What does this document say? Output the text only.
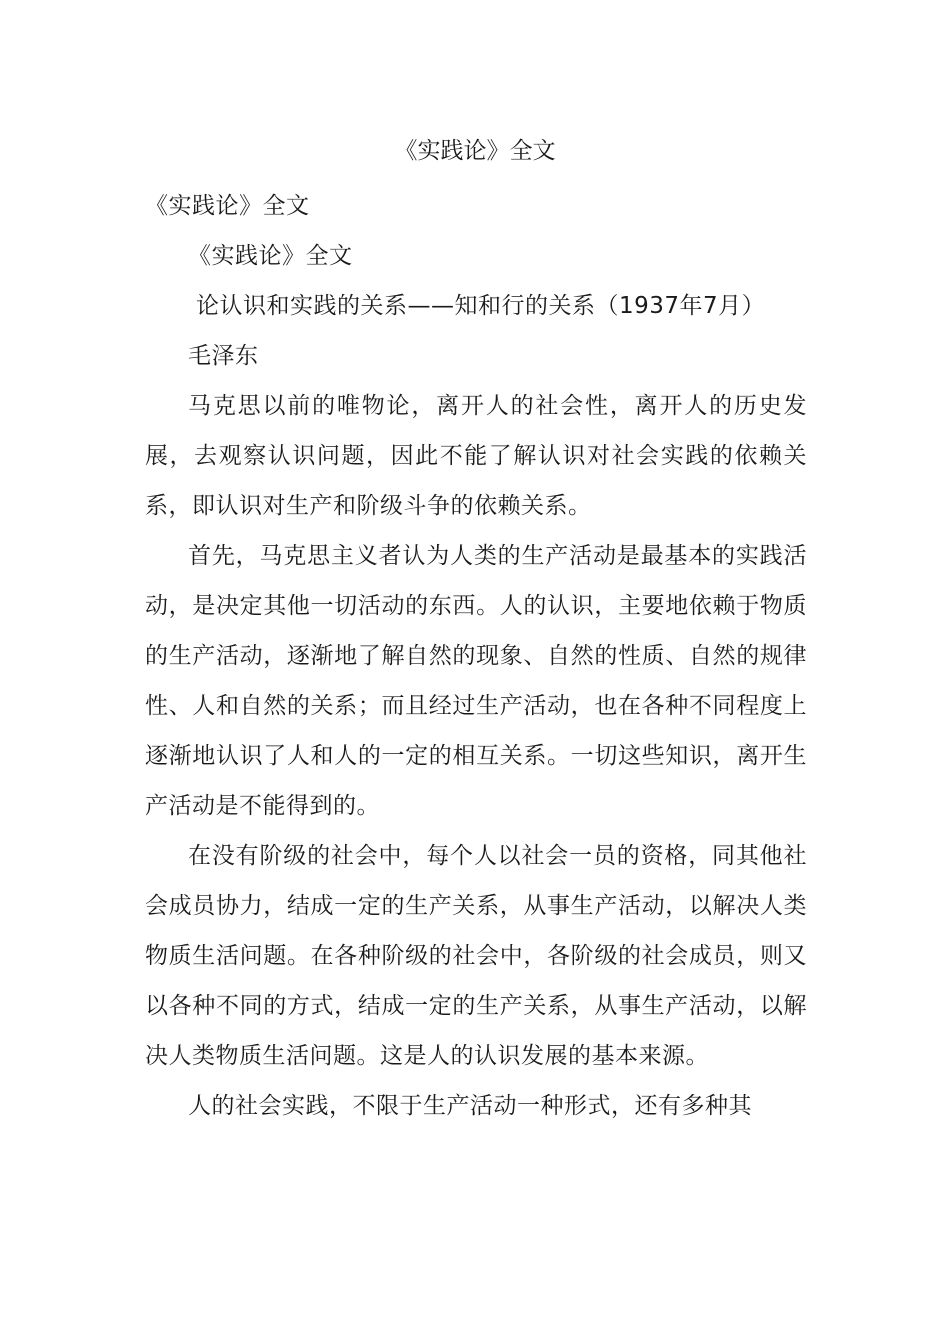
《实践论》全文

《实践论》全文

《实践论》全文

论认识和实践的关系——知和行的关系（1937年7月）

毛泽东

马克思以前的唯物论，离开人的社会性，离开人的历史发展，去观察认识问题，因此不能了解认识对社会实践的依赖关系，即认识对生产和阶级斗争的依赖关系。

首先，马克思主义者认为人类的生产活动是最基本的实践活动，是决定其他一切活动的东西。人的认识，主要地依赖于物质的生产活动，逐渐地了解自然的现象、自然的性质、自然的规律性、人和自然的关系；而且经过生产活动，也在各种不同程度上逐渐地认识了人和人的一定的相互关系。一切这些知识，离开生产活动是不能得到的。

在没有阶级的社会中，每个人以社会一员的资格，同其他社会成员协力，结成一定的生产关系，从事生产活动，以解决人类物质生活问题。在各种阶级的社会中，各阶级的社会成员，则又以各种不同的方式，结成一定的生产关系，从事生产活动，以解决人类物质生活问题。这是人的认识发展的基本来源。

人的社会实践，不限于生产活动一种形式，还有多种其
